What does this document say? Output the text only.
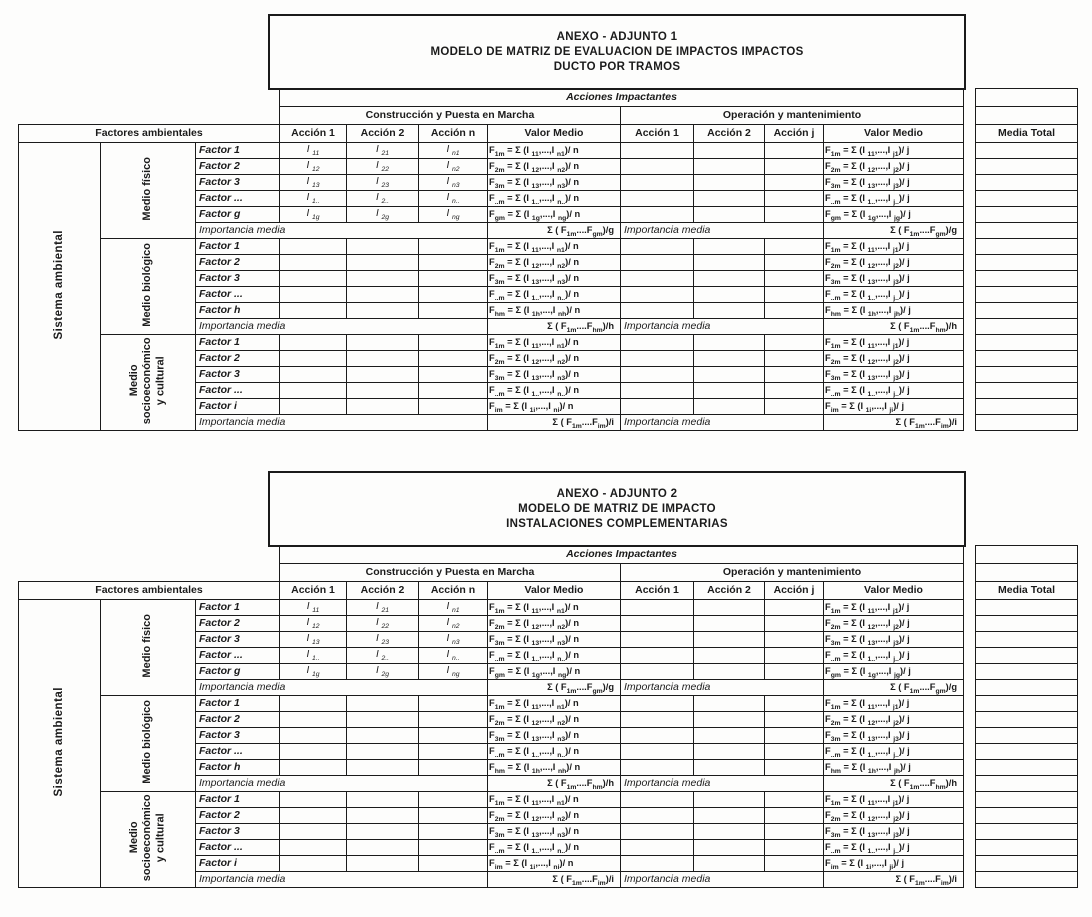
ANEXO - ADJUNTO 1
MODELO DE MATRIZ DE EVALUACION DE IMPACTOS IMPACTOS
DUCTO POR TRAMOS
			Acciones Impactantes									
			Construcción y Puesta en Marcha				Operación y mantenimiento					
Factores ambientales			Acción 1	Acción 2	Acción n	Valor Medio	Acción 1	Acción 2	Acción j	Valor Medio		Media Total
Sistema ambiental	Medio físico	Factor 1	I $_{11}$	I $_{21}$	I $_{n1}$	$F_{1m} = \Sigma$ (I $_{11}$,...,I $_{n1}$)/ n				$F_{1m} = \Sigma$ (I $_{11}$,...,I $_{j1}$)/ j		
		Factor 2	I $_{12}$	I $_{22}$	I $_{n2}$	$F_{2m} = \Sigma$ (I $_{12}$,...,I $_{n2}$)/ n				$F_{2m} = \Sigma$ (I $_{12}$,...,I $_{j2}$)/ j		
		Factor 3	I $_{13}$	I $_{23}$	I $_{n3}$	$F_{3m} = \Sigma$ (I $_{13}$,...,I $_{n3}$)/ n				$F_{3m} = \Sigma$ (I $_{13}$,...,I $_{j3}$)/ j		
		Factor ...	I $_{1..}$	I $_{2..}$	I $_{n..}$	$F_{..m} = \Sigma$ (I $_{1..}$,...,I $_{n..}$)/ n				$F_{..m} = \Sigma$ (I $_{1..}$,...,I $_{j..}$)/ j		
		Factor g	I $_{1g}$	I $_{2g}$	I $_{ng}$	$F_{gm} = \Sigma$ (I $_{1g}$,...,I $_{ng}$)/ n				$F_{gm} = \Sigma$ (I $_{1g}$,...,I $_{jg}$)/ j		
		Importancia media				Σ ( $F_{1m}....F_{gm})/g$	Importancia media			Σ ( $F_{1m}....F_{gm})/g$		
	Medio biológico	Factor 1				$F_{1m} = \Sigma$ (I $_{11}$,...,I $_{n1}$)/ n				$F_{1m} = \Sigma$ (I $_{11}$,...,I $_{j1}$)/ j		
		Factor 2				$F_{2m} = \Sigma$ (I $_{12}$,...,I $_{n2}$)/ n				$F_{2m} = \Sigma$ (I $_{12}$,...,I $_{j2}$)/ j		
		Factor 3				$F_{3m} = \Sigma$ (I $_{13}$,...,I $_{n3}$)/ n				$F_{3m} = \Sigma$ (I $_{13}$,...,I $_{j3}$)/ j		
		Factor ...				$F_{..m} = \Sigma$ (I $_{1..}$,...,I $_{n..}$)/ n				$F_{..m} = \Sigma$ (I $_{1..}$,...,I $_{j..}$)/ j		
		Factor h				$F_{hm} = \Sigma$ (I $_{1h}$,...,I $_{nh}$)/ n				$F_{hm} = \Sigma$ (I $_{1h}$,...,I $_{jh}$)/ j		
		Importancia media				Σ ( $F_{1m}....F_{hm})/h$	Importancia media			Σ ( $F_{1m}....F_{hm})/h$		
	Medio socioeconómico y cultural	Factor 1				$F_{1m} = \Sigma$ (I $_{11}$,...,I $_{n1}$)/ n				$F_{1m} = \Sigma$ (I $_{11}$,...,I $_{j1}$)/ j		
		Factor 2				$F_{2m} = \Sigma$ (I $_{12}$,...,I $_{n2}$)/ n				$F_{2m} = \Sigma$ (I $_{12}$,...,I $_{j2}$)/ j		
		Factor 3				$F_{3m} = \Sigma$ (I $_{13}$,...,I $_{n3}$)/ n				$F_{3m} = \Sigma$ (I $_{13}$,...,I $_{j3}$)/ j		
		Factor ...				$F_{..m} = \Sigma$ (I $_{1..}$,...,I $_{n..}$)/ n				$F_{..m} = \Sigma$ (I $_{1..}$,...,I $_{j..}$)/ j		
		Factor i				$F_{im} = \Sigma$ (I $_{1i}$,...,I $_{ni}$)/ n				$F_{im} = \Sigma$ (I $_{1i}$,...,I $_{ji}$)/ j		
		Importancia media				Σ ( $F_{1m}....F_{im})/i$	Importancia media			Σ ( $F_{1m}....F_{im})/i$		
ANEXO - ADJUNTO 2
MODELO DE MATRIZ DE IMPACTO
INSTALACIONES COMPLEMENTARIAS
			Acciones Impactantes									
			Construcción y Puesta en Marcha				Operación y mantenimiento					
Factores ambientales			Acción 1	Acción 2	Acción n	Valor Medio	Acción 1	Acción 2	Acción j	Valor Medio		Media Total
Sistema ambiental	Medio físico	Factor 1	I $_{11}$	I $_{21}$	I $_{n1}$	$F_{1m} = \Sigma$ (I $_{11}$,...,I $_{n1}$)/ n				$F_{1m} = \Sigma$ (I $_{11}$,...,I $_{j1}$)/ j		
		Factor 2	I $_{12}$	I $_{22}$	I $_{n2}$	$F_{2m} = \Sigma$ (I $_{12}$,...,I $_{n2}$)/ n				$F_{2m} = \Sigma$ (I $_{12}$,...,I $_{j2}$)/ j		
		Factor 3	I $_{13}$	I $_{23}$	I $_{n3}$	$F_{3m} = \Sigma$ (I $_{13}$,...,I $_{n3}$)/ n				$F_{3m} = \Sigma$ (I $_{13}$,...,I $_{j3}$)/ j		
		Factor ...	I $_{1..}$	I $_{2..}$	I $_{n..}$	$F_{..m} = \Sigma$ (I $_{1..}$,...,I $_{n..}$)/ n				$F_{..m} = \Sigma$ (I $_{1..}$,...,I $_{j..}$)/ j		
		Factor g	I $_{1g}$	I $_{2g}$	I $_{ng}$	$F_{gm} = \Sigma$ (I $_{1g}$,...,I $_{ng}$)/ n				$F_{gm} = \Sigma$ (I $_{1g}$,...,I $_{jg}$)/ j		
		Importancia media				Σ ( $F_{1m}....F_{gm})/g$	Importancia media			Σ ( $F_{1m}....F_{gm})/g$		
	Medio biológico	Factor 1				$F_{1m} = \Sigma$ (I $_{11}$,...,I $_{n1}$)/ n				$F_{1m} = \Sigma$ (I $_{11}$,...,I $_{j1}$)/ j		
		Factor 2				$F_{2m} = \Sigma$ (I $_{12}$,...,I $_{n2}$)/ n				$F_{2m} = \Sigma$ (I $_{12}$,...,I $_{j2}$)/ j		
		Factor 3				$F_{3m} = \Sigma$ (I $_{13}$,...,I $_{n3}$)/ n				$F_{3m} = \Sigma$ (I $_{13}$,...,I $_{j3}$)/ j		
		Factor ...				$F_{..m} = \Sigma$ (I $_{1..}$,...,I $_{n..}$)/ n				$F_{..m} = \Sigma$ (I $_{1..}$,...,I $_{j..}$)/ j		
		Factor h				$F_{hm} = \Sigma$ (I $_{1h}$,...,I $_{nh}$)/ n				$F_{hm} = \Sigma$ (I $_{1h}$,...,I $_{jh}$)/ j		
		Importancia media				Σ ( $F_{1m}....F_{hm})/h$	Importancia media			Σ ( $F_{1m}....F_{hm})/h$		
	Medio socioeconómico y cultural	Factor 1				$F_{1m} = \Sigma$ (I $_{11}$,...,I $_{n1}$)/ n				$F_{1m} = \Sigma$ (I $_{11}$,...,I $_{j1}$)/ j		
		Factor 2				$F_{2m} = \Sigma$ (I $_{12}$,...,I $_{n2}$)/ n				$F_{2m} = \Sigma$ (I $_{12}$,...,I $_{j2}$)/ j		
		Factor 3				$F_{3m} = \Sigma$ (I $_{13}$,...,I $_{n3}$)/ n				$F_{3m} = \Sigma$ (I $_{13}$,...,I $_{j3}$)/ j		
		Factor ...				$F_{..m} = \Sigma$ (I $_{1..}$,...,I $_{n..}$)/ n				$F_{..m} = \Sigma$ (I $_{1..}$,...,I $_{j..}$)/ j		
		Factor i				$F_{im} = \Sigma$ (I $_{1i}$,...,I $_{ni}$)/ n				$F_{im} = \Sigma$ (I $_{1i}$,...,I $_{ji}$)/ j		
		Importancia media				Σ ( $F_{1m}....F_{im})/i$	Importancia media			Σ ( $F_{1m}....F_{im})/i$		
